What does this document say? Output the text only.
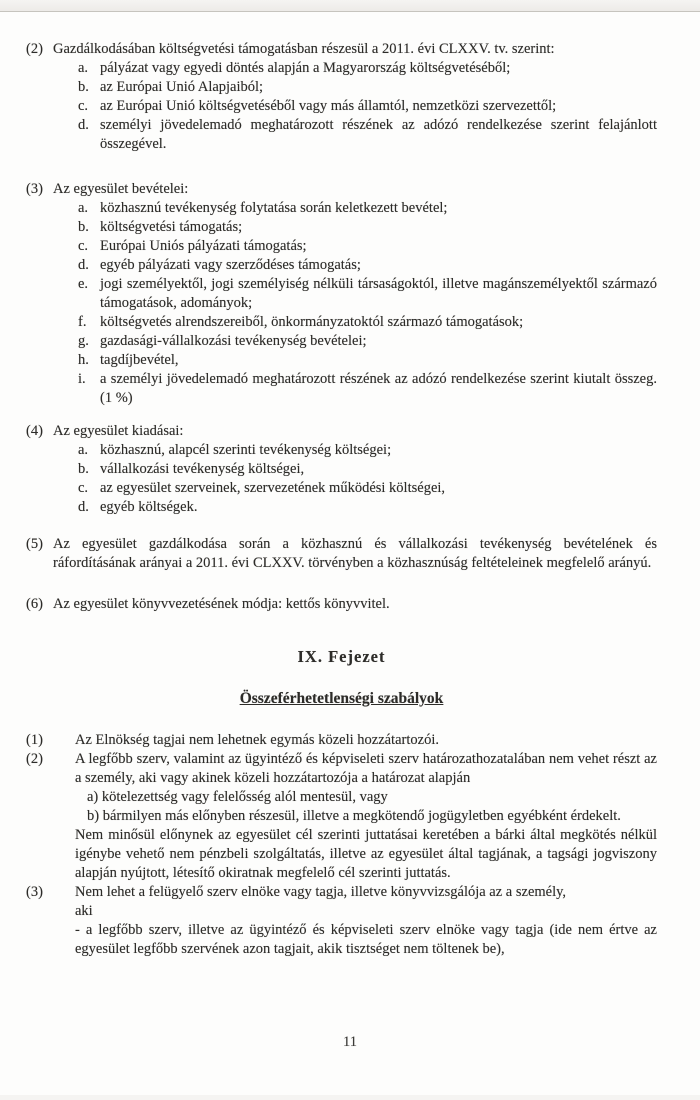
(2) Gazdálkodásában költségvetési támogatásban részesül a 2011. évi CLXXV. tv. szerint:
a. pályázat vagy egyedi döntés alapján a Magyarország költségvetéséből;
b. az Európai Unió Alapjaiból;
c. az Európai Unió költségvetéséből vagy más államtól, nemzetközi szervezettől;
d. személyi jövedelemadó meghatározott részének az adózó rendelkezése szerint felajánlott összegével.
(3) Az egyesület bevételei:
a. közhasznú tevékenység folytatása során keletkezett bevétel;
b. költségvetési támogatás;
c. Európai Uniós pályázati támogatás;
d. egyéb pályázati vagy szerződéses támogatás;
e. jogi személyektől, jogi személyiség nélküli társaságoktól, illetve magánszemélyektől származó támogatások, adományok;
f. költségvetés alrendszereiből, önkormányzatoktól származó támogatások;
g. gazdasági-vállalkozási tevékenység bevételei;
h. tagdíjbevétel,
i. a személyi jövedelemadó meghatározott részének az adózó rendelkezése szerint kiutalt összeg. (1 %)
(4) Az egyesület kiadásai:
a. közhasznú, alapcél szerinti tevékenység költségei;
b. vállalkozási tevékenység költségei,
c. az egyesület szerveinek, szervezetének működési költségei,
d. egyéb költségek.
(5) Az egyesület gazdálkodása során a közhasznú és vállalkozási tevékenység bevételének és ráfordításának arányai a 2011. évi CLXXV. törvényben a közhasznúság feltételeinek megfelelő arányú.
(6) Az egyesület könyvvezetésének módja: kettős könyvvitel.
IX. Fejezet
Összeférhetetlenségi szabályok
(1)	Az Elnökség tagjai nem lehetnek egymás közeli hozzátartozói.
(2)	A legfőbb szerv, valamint az ügyintéző és képviseleti szerv határozathozatalában nem vehet részt az a személy, aki vagy akinek közeli hozzátartozója a határozat alapján
a) kötelezettség vagy felelősség alól mentesül, vagy
b) bármilyen más előnyben részesül, illetve a megkötendő jogügyletben egyébként érdekelt.
Nem minősül előnynek az egyesület cél szerinti juttatásai keretében a bárki által megkötés nélkül igénybe vehető nem pénzbeli szolgáltatás, illetve az egyesület által tagjának, a tagsági jogviszony alapján nyújtott, létesítő okiratnak megfelelő cél szerinti juttatás.
(3)	Nem lehet a felügyelő szerv elnöke vagy tagja, illetve könyvvizsgálója az a személy,
aki
- a legfőbb szerv, illetve az ügyintéző és képviseleti szerv elnöke vagy tagja (ide nem értve az egyesület legfőbb szervének azon tagjait, akik tisztséget nem töltenek be),
11
